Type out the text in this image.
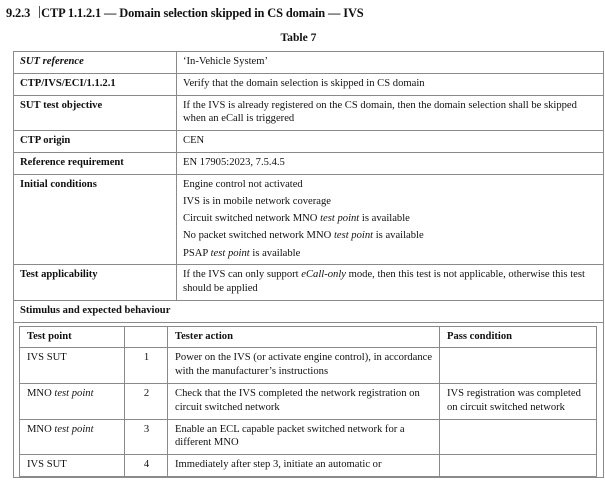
9.2.3 CTP 1.1.2.1 — Domain selection skipped in CS domain — IVS
Table 7
SUT reference	‘In-Vehicle System’
CTP/IVS/ECI/1.1.2.1	Verify that the domain selection is skipped in CS domain
SUT test objective	If the IVS is already registered on the CS domain, then the domain selection shall be skipped when an eCall is triggered
CTP origin	CEN
Reference requirement	EN 17905:2023, 7.5.4.5
Initial conditions	Engine control not activated
IVS is in mobile network coverage
Circuit switched network MNO test point is available
No packet switched network MNO test point is available
PSAP test point is available

Test applicability	If the IVS can only support eCall-only mode, then this test is not applicable, otherwise this test should be applied
Stimulus and expected behaviour

Test point		Tester action	Pass condition
IVS SUT	1	Power on the IVS (or activate engine control), in accordance with the manufacturer’s instructions	
MNO test point	2	Check that the IVS completed the network registration on circuit switched network	IVS registration was completed on circuit switched network
MNO test point	3	Enable an ECL capable packet switched network for a different MNO	
IVS SUT	4	Immediately after step 3, initiate an automatic or	
